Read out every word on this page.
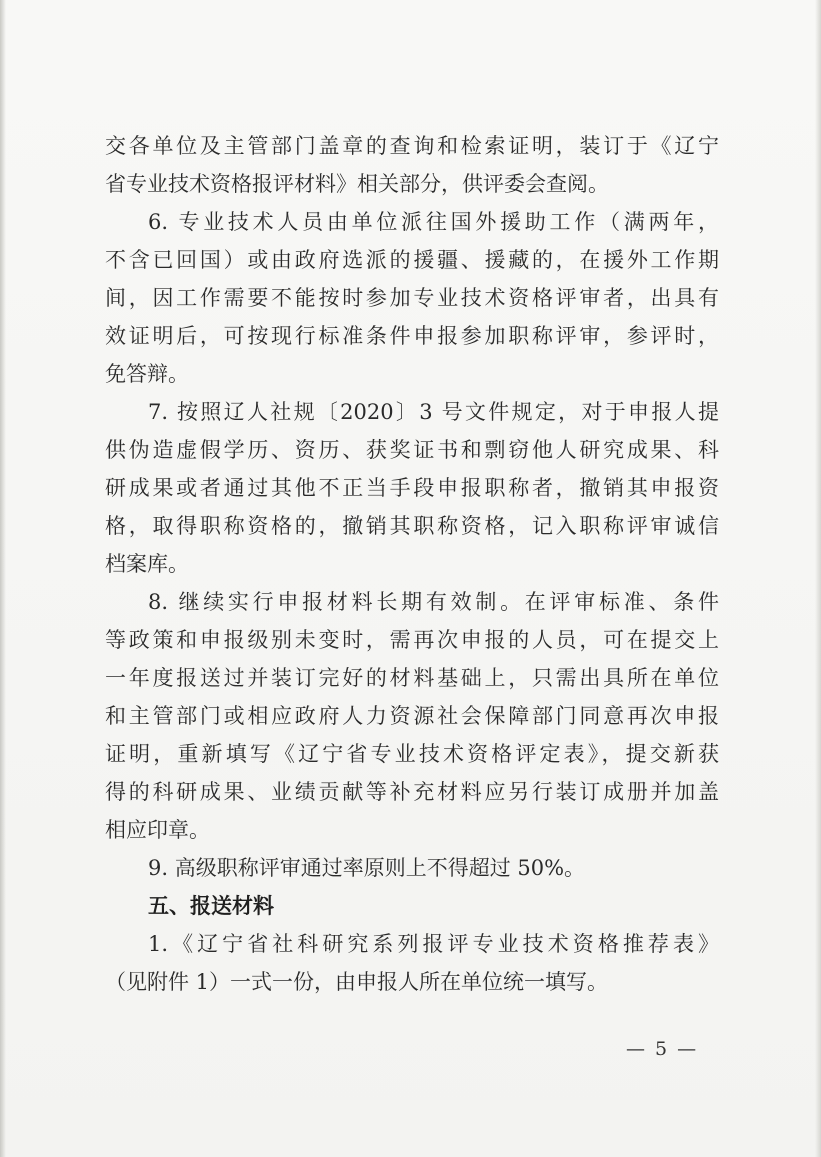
交各单位及主管部门盖章的查询和检索证明，装订于《辽宁
省专业技术资格报评材料》相关部分，供评委会查阅。
6. 专业技术人员由单位派往国外援助工作（满两年，
不含已回国）或由政府选派的援疆、援藏的，在援外工作期
间，因工作需要不能按时参加专业技术资格评审者，出具有
效证明后，可按现行标准条件申报参加职称评审，参评时，
免答辩。
7. 按照辽人社规〔2020〕3 号文件规定，对于申报人提
供伪造虚假学历、资历、获奖证书和剽窃他人研究成果、科
研成果或者通过其他不正当手段申报职称者，撤销其申报资
格，取得职称资格的，撤销其职称资格，记入职称评审诚信
档案库。
8. 继续实行申报材料长期有效制。在评审标准、条件
等政策和申报级别未变时，需再次申报的人员，可在提交上
一年度报送过并装订完好的材料基础上，只需出具所在单位
和主管部门或相应政府人力资源社会保障部门同意再次申报
证明，重新填写《辽宁省专业技术资格评定表》，提交新获
得的科研成果、业绩贡献等补充材料应另行装订成册并加盖
相应印章。
9. 高级职称评审通过率原则上不得超过 50%。
五、报送材料
1.《辽宁省社科研究系列报评专业技术资格推荐表》
（见附件 1）一式一份，由申报人所在单位统一填写。
— 5 —
